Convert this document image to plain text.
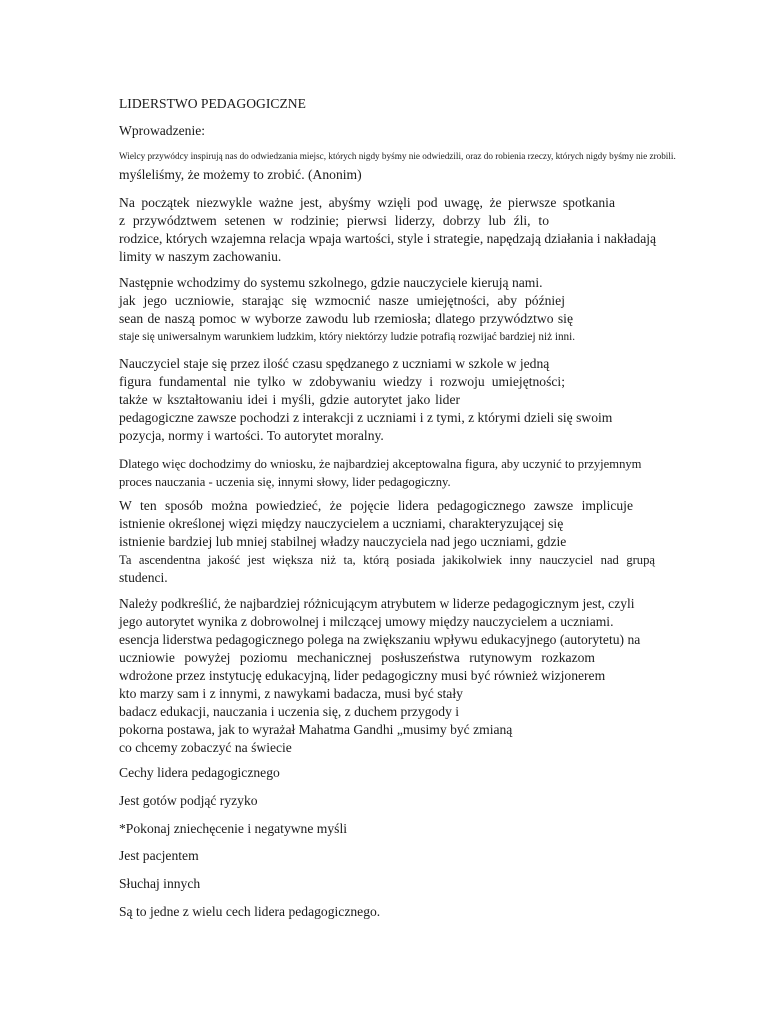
LIDERSTWO PEDAGOGICZNE
Wprowadzenie:
Wielcy przywódcy inspirują nas do odwiedzania miejsc, których nigdy byśmy nie odwiedzili, oraz do robienia rzeczy, których nigdy byśmy nie zrobili.
myśleliśmy, że możemy to zrobić. (Anonim)
Na początek niezwykle ważne jest, abyśmy wzięli pod uwagę, że pierwsze spotkania
z przywództwem setenen w rodzinie; pierwsi liderzy, dobrzy lub źli, to
rodzice, których wzajemna relacja wpaja wartości, style i strategie, napędzają działania i nakładają
limity w naszym zachowaniu.
Następnie wchodzimy do systemu szkolnego, gdzie nauczyciele kierują nami.
jak jego uczniowie, starając się wzmocnić nasze umiejętności, aby później
sean de naszą pomoc w wyborze zawodu lub rzemiosła; dlatego przywództwo się
staje się uniwersalnym warunkiem ludzkim, który niektórzy ludzie potrafią rozwijać bardziej niż inni.
Nauczyciel staje się przez ilość czasu spędzanego z uczniami w szkole w jedną
figura fundamental nie tylko w zdobywaniu wiedzy i rozwoju umiejętności;
także w kształtowaniu idei i myśli, gdzie autorytet jako lider
pedagogiczne zawsze pochodzi z interakcji z uczniami i z tymi, z którymi dzieli się swoim
pozycja, normy i wartości. To autorytet moralny.
Dlatego więc dochodzimy do wniosku, że najbardziej akceptowalna figura, aby uczynić to przyjemnym
proces nauczania - uczenia się, innymi słowy, lider pedagogiczny.
W ten sposób można powiedzieć, że pojęcie lidera pedagogicznego zawsze implicuje
istnienie określonej więzi między nauczycielem a uczniami, charakteryzującej się
istnienie bardziej lub mniej stabilnej władzy nauczyciela nad jego uczniami, gdzie
Ta ascendentna jakość jest większa niż ta, którą posiada jakikolwiek inny nauczyciel nad grupą
studenci.
Należy podkreślić, że najbardziej różnicującym atrybutem w liderze pedagogicznym jest, czyli
jego autorytet wynika z dobrowolnej i milczącej umowy między nauczycielem a uczniami.
esencja liderstwa pedagogicznego polega na zwiększaniu wpływu edukacyjnego (autorytetu) na
uczniowie powyżej poziomu mechanicznej posłuszeństwa rutynowym rozkazom
wdrożone przez instytucję edukacyjną, lider pedagogiczny musi być również wizjonerem
kto marzy sam i z innymi, z nawykami badacza, musi być stały
badacz edukacji, nauczania i uczenia się, z duchem przygody i
pokorna postawa, jak to wyrażał Mahatma Gandhi „musimy być zmianą
co chcemy zobaczyć na świecie
Cechy lidera pedagogicznego
Jest gotów podjąć ryzyko
*Pokonaj zniechęcenie i negatywne myśli
Jest pacjentem
Słuchaj innych
Są to jedne z wielu cech lidera pedagogicznego.
